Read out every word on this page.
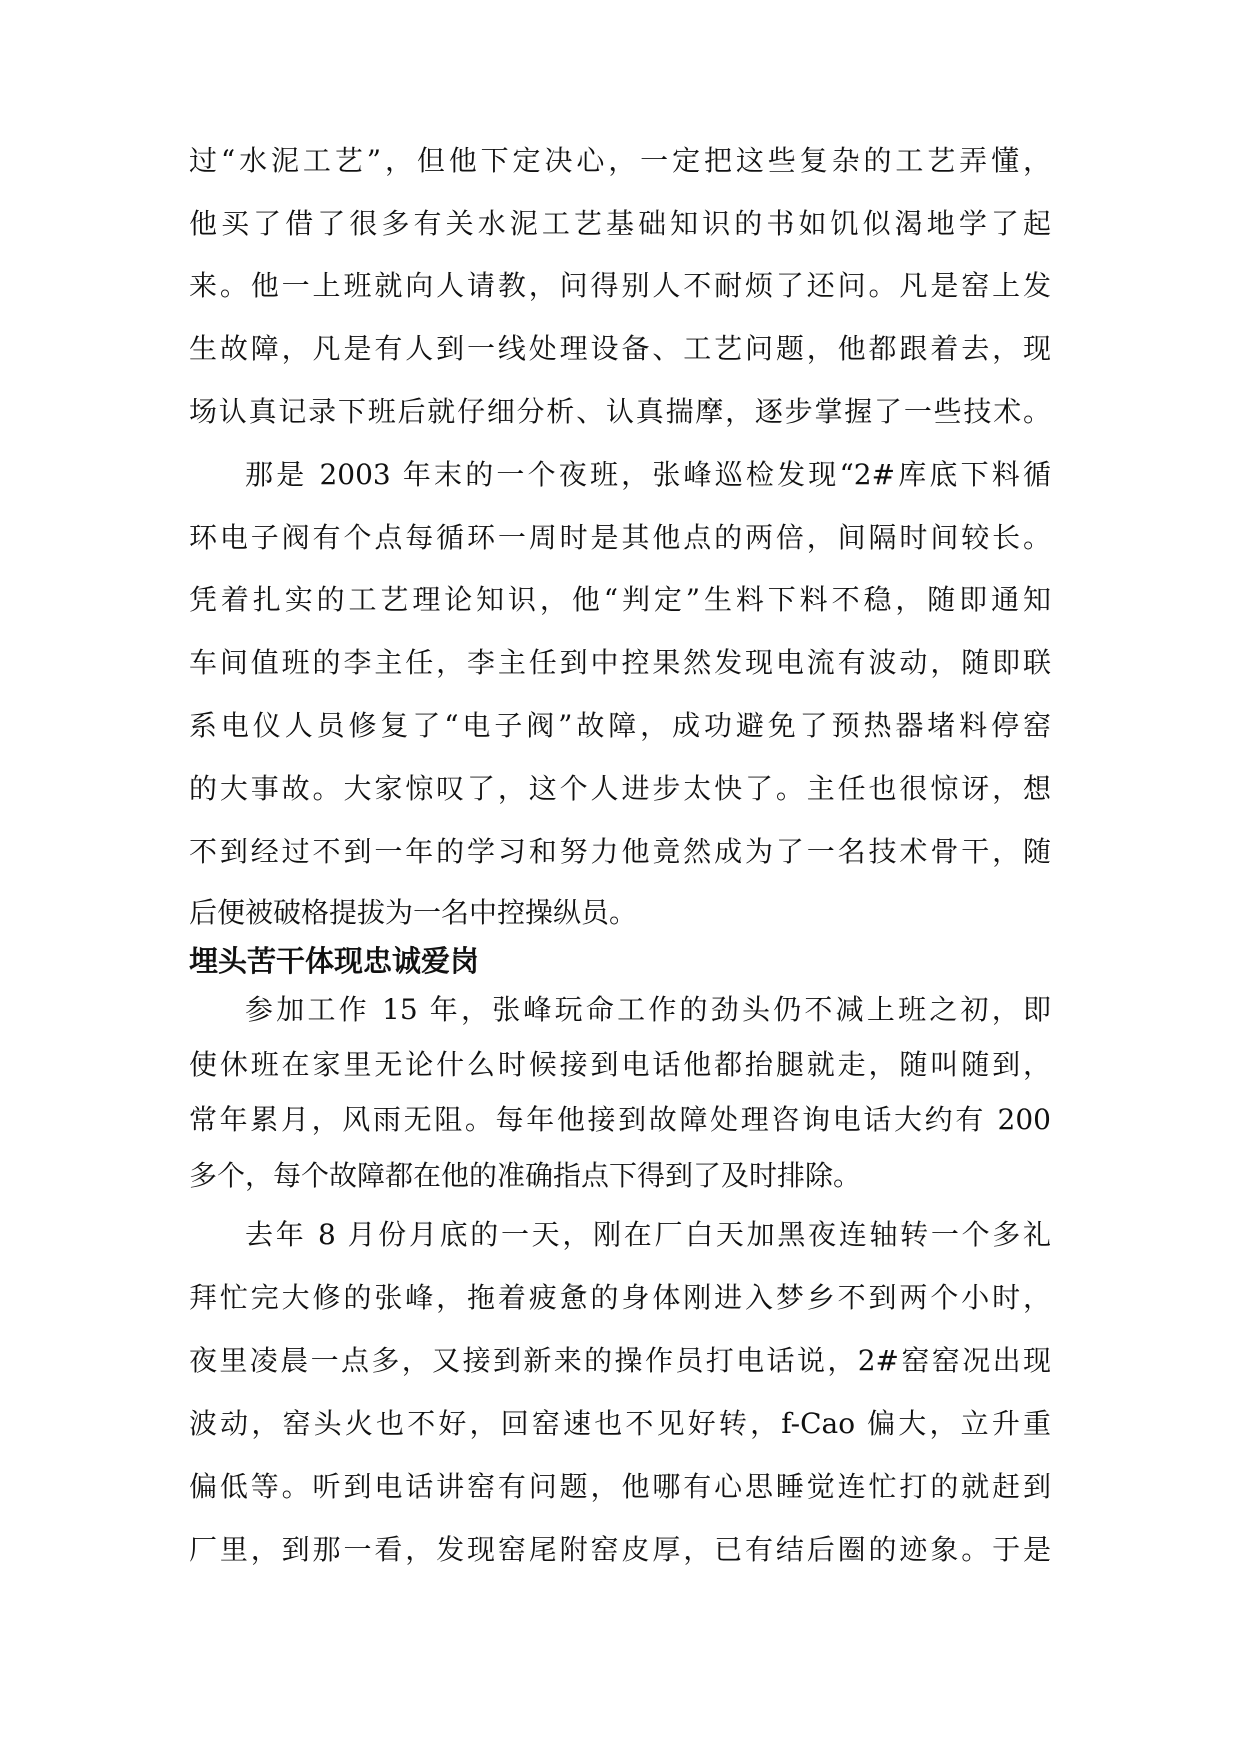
过“水泥工艺”，但他下定决心，一定把这些复杂的工艺弄懂，
他买了借了很多有关水泥工艺基础知识的书如饥似渴地学了起
来。他一上班就向人请教，问得别人不耐烦了还问。凡是窑上发
生故障，凡是有人到一线处理设备、工艺问题，他都跟着去，现
场认真记录下班后就仔细分析、认真揣摩，逐步掌握了一些技术。
那是 2003 年末的一个夜班，张峰巡检发现“2#库底下料循
环电子阀有个点每循环一周时是其他点的两倍，间隔时间较长。
凭着扎实的工艺理论知识，他“判定”生料下料不稳，随即通知
车间值班的李主任，李主任到中控果然发现电流有波动，随即联
系电仪人员修复了“电子阀”故障，成功避免了预热器堵料停窑
的大事故。大家惊叹了，这个人进步太快了。主任也很惊讶，想
不到经过不到一年的学习和努力他竟然成为了一名技术骨干，随
后便被破格提拔为一名中控操纵员。
埋头苦干体现忠诚爱岗
参加工作 15 年，张峰玩命工作的劲头仍不减上班之初，即
使休班在家里无论什么时候接到电话他都抬腿就走，随叫随到，
常年累月，风雨无阻。每年他接到故障处理咨询电话大约有 200
多个，每个故障都在他的准确指点下得到了及时排除。
去年 8 月份月底的一天，刚在厂白天加黑夜连轴转一个多礼
拜忙完大修的张峰，拖着疲惫的身体刚进入梦乡不到两个小时，
夜里凌晨一点多，又接到新来的操作员打电话说，2#窑窑况出现
波动，窑头火也不好，回窑速也不见好转，f-Cao 偏大，立升重
偏低等。听到电话讲窑有问题，他哪有心思睡觉连忙打的就赶到
厂里，到那一看，发现窑尾附窑皮厚，已有结后圈的迹象。于是
